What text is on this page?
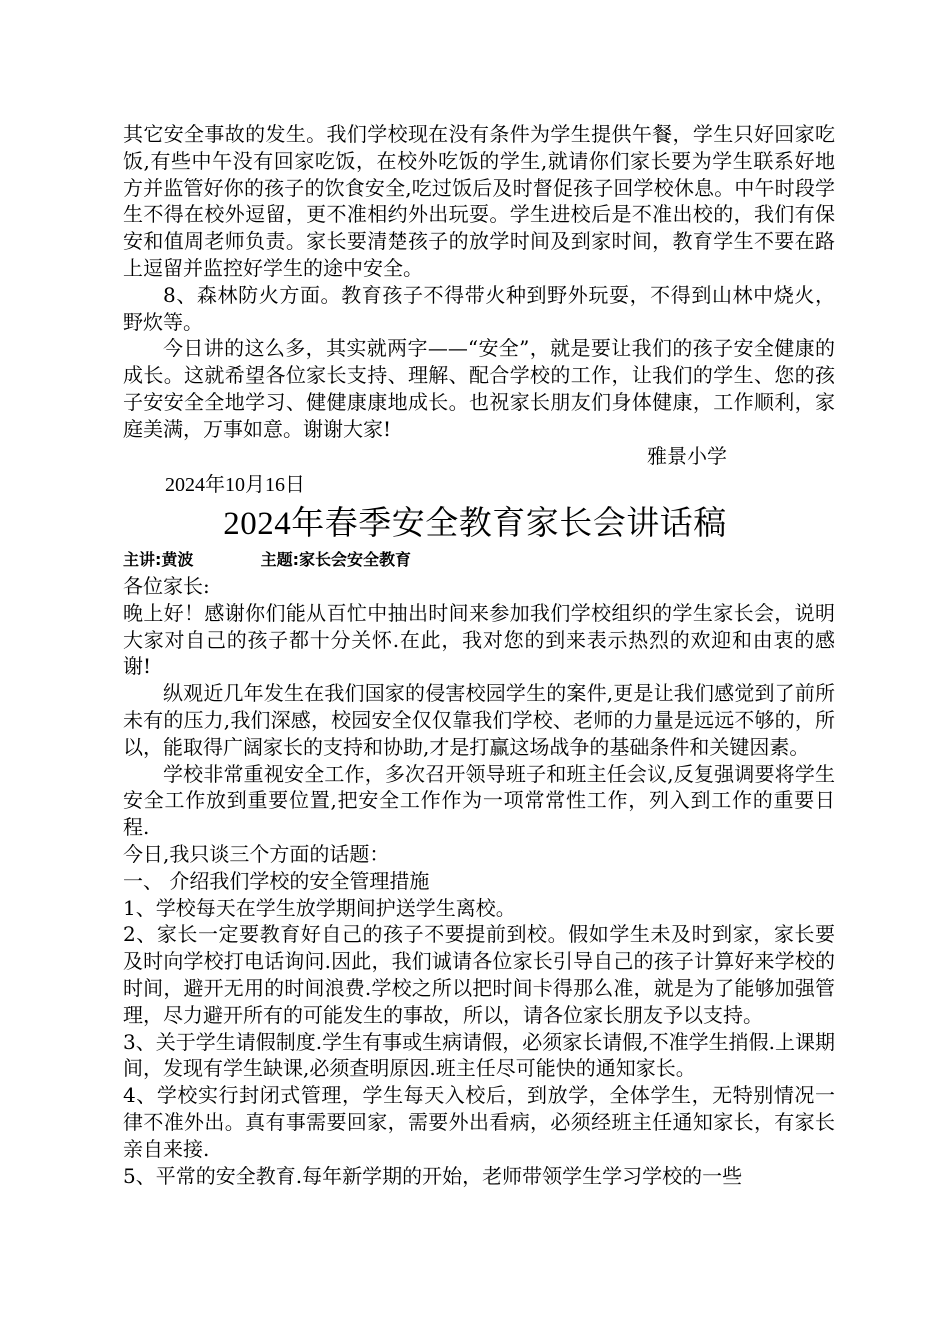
其它安全事故的发生。我们学校现在没有条件为学生提供午餐，学生只好回家吃饭,有些中午没有回家吃饭，在校外吃饭的学生,就请你们家长要为学生联系好地方并监管好你的孩子的饮食安全,吃过饭后及时督促孩子回学校休息。中午时段学生不得在校外逗留，更不准相约外出玩耍。学生进校后是不准出校的，我们有保安和值周老师负责。家长要清楚孩子的放学时间及到家时间，教育学生不要在路上逗留并监控好学生的途中安全。

8、森林防火方面。教育孩子不得带火种到野外玩耍，不得到山林中烧火，野炊等。

今日讲的这么多，其实就两字——“安全”，就是要让我们的孩子安全健康的成长。这就希望各位家长支持、理解、配合学校的工作，让我们的学生、您的孩子安安全全地学习、健健康康地成长。也祝家长朋友们身体健康，工作顺利，家庭美满，万事如意。谢谢大家!

雅景小学

2024年10月16日
2024年春季安全教育家长会讲话稿
主讲:黄波	主题:家长会安全教育

各位家长:

晚上好！感谢你们能从百忙中抽出时间来参加我们学校组织的学生家长会，说明大家对自己的孩子都十分关怀.在此，我对您的到来表示热烈的欢迎和由衷的感谢!

纵观近几年发生在我们国家的侵害校园学生的案件,更是让我们感觉到了前所未有的压力,我们深感，校园安全仅仅靠我们学校、老师的力量是远远不够的，所以，能取得广阔家长的支持和协助,才是打赢这场战争的基础条件和关键因素。

学校非常重视安全工作，多次召开领导班子和班主任会议,反复强调要将学生安全工作放到重要位置,把安全工作作为一项常常性工作，列入到工作的重要日程.

今日,我只谈三个方面的话题：

一、 介绍我们学校的安全管理措施

1、学校每天在学生放学期间护送学生离校。

2、家长一定要教育好自己的孩子不要提前到校。假如学生未及时到家，家长要及时向学校打电话询问.因此，我们诚请各位家长引导自己的孩子计算好来学校的时间，避开无用的时间浪费.学校之所以把时间卡得那么准，就是为了能够加强管理，尽力避开所有的可能发生的事故，所以，请各位家长朋友予以支持。

3、关于学生请假制度.学生有事或生病请假，必须家长请假,不准学生捎假.上课期间，发现有学生缺课,必须查明原因.班主任尽可能快的通知家长。

4、学校实行封闭式管理，学生每天入校后，到放学，全体学生，无特别情况一律不准外出。真有事需要回家，需要外出看病，必须经班主任通知家长，有家长亲自来接.

5、平常的安全教育.每年新学期的开始，老师带领学生学习学校的一些
